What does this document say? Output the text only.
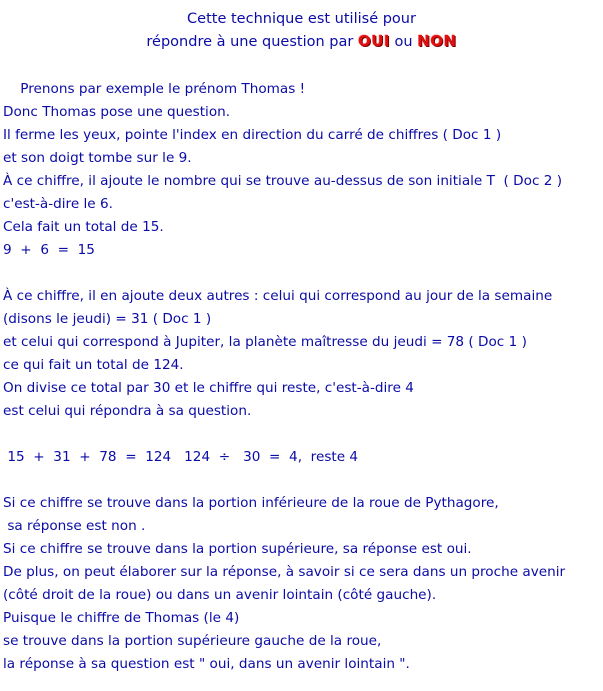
Cette technique est utilisé pour
répondre à une question par OUI ou NON
Prenons par exemple le prénom Thomas !
Donc Thomas pose une question.
Il ferme les yeux, pointe l'index en direction du carré de chiffres ( Doc 1 )
et son doigt tombe sur le 9.
À ce chiffre, il ajoute le nombre qui se trouve au-dessus de son initiale T  ( Doc 2 )
c'est-à-dire le 6.
Cela fait un total de 15.
9  +  6  =  15
À ce chiffre, il en ajoute deux autres : celui qui correspond au jour de la semaine
(disons le jeudi) = 31 ( Doc 1 )
et celui qui correspond à Jupiter, la planète maîtresse du jeudi = 78 ( Doc 1 )
ce qui fait un total de 124.
On divise ce total par 30 et le chiffre qui reste, c'est-à-dire 4
est celui qui répondra à sa question.
15  +  31  +  78  =  124   124  ÷   30  =  4,  reste 4
Si ce chiffre se trouve dans la portion inférieure de la roue de Pythagore,
sa réponse est non .
Si ce chiffre se trouve dans la portion supérieure, sa réponse est oui.
De plus, on peut élaborer sur la réponse, à savoir si ce sera dans un proche avenir
(côté droit de la roue) ou dans un avenir lointain (côté gauche).
Puisque le chiffre de Thomas (le 4)
se trouve dans la portion supérieure gauche de la roue,
la réponse à sa question est " oui, dans un avenir lointain ".
